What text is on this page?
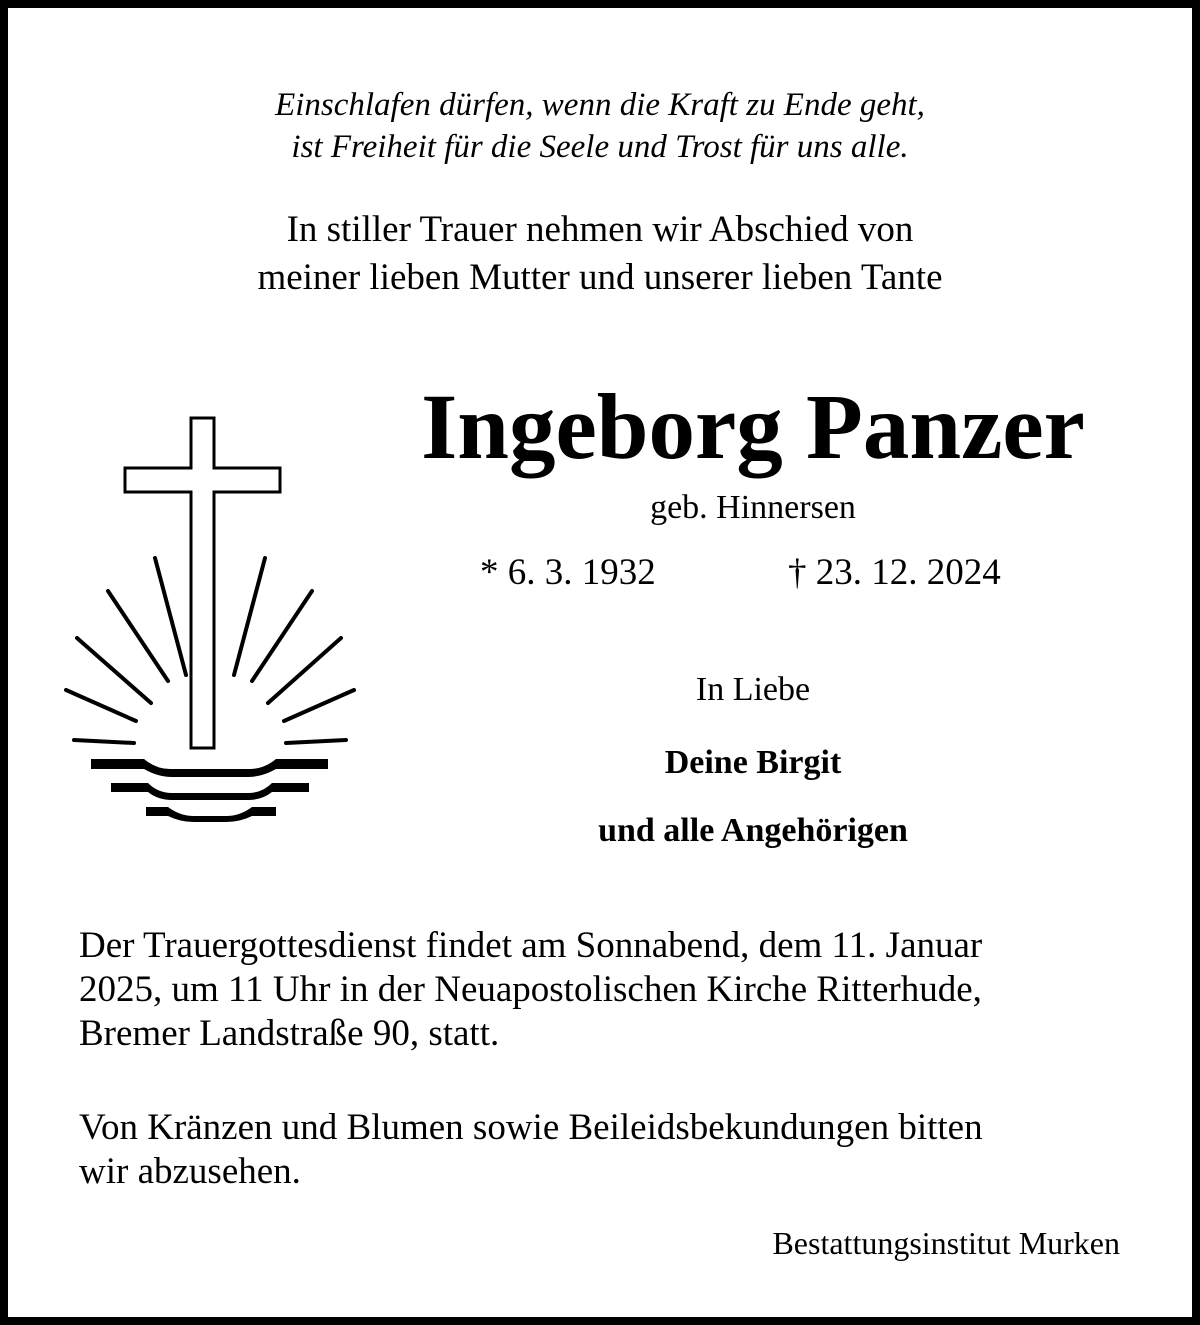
Einschlafen dürfen, wenn die Kraft zu Ende geht,
ist Freiheit für die Seele und Trost für uns alle.
In stiller Trauer nehmen wir Abschied von
meiner lieben Mutter und unserer lieben Tante
Ingeborg Panzer
geb. Hinnersen
* 6. 3. 1932	† 23. 12. 2024
In Liebe
Deine Birgit
und alle Angehörigen
Der Trauergottesdienst findet am Sonnabend, dem 11. Januar
2025, um 11 Uhr in der Neuapostolischen Kirche Ritterhude,
Bremer Landstraße 90, statt.
Von Kränzen und Blumen sowie Beileidsbekundungen bitten
wir abzusehen.
Bestattungsinstitut Murken
